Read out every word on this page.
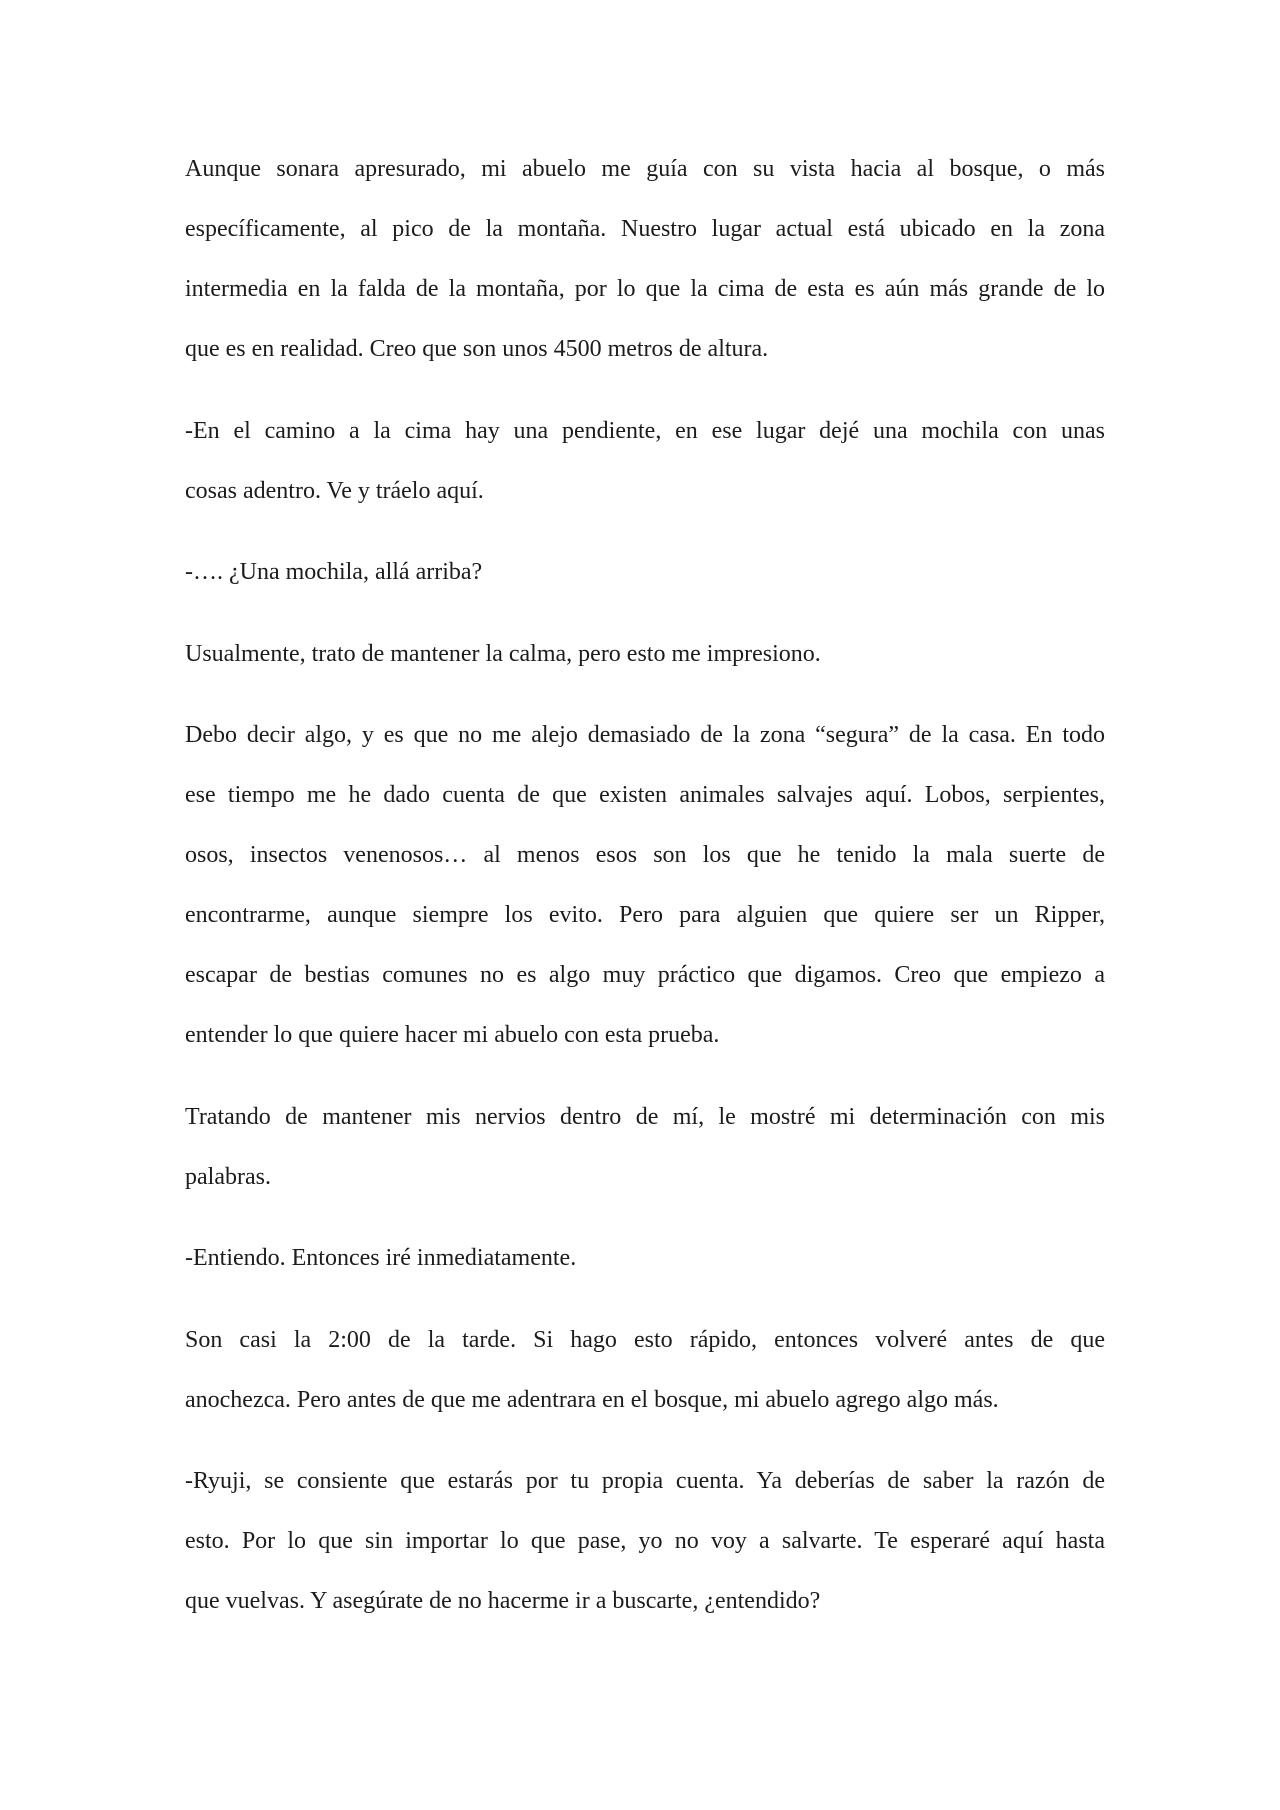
Aunque sonara apresurado, mi abuelo me guía con su vista hacia al bosque, o más
específicamente, al pico de la montaña. Nuestro lugar actual está ubicado en la zona
intermedia en la falda de la montaña, por lo que la cima de esta es aún más grande de lo
que es en realidad. Creo que son unos 4500 metros de altura.

-En el camino a la cima hay una pendiente, en ese lugar dejé una mochila con unas
cosas adentro. Ve y tráelo aquí.

-…. ¿Una mochila, allá arriba?

Usualmente, trato de mantener la calma, pero esto me impresiono.

Debo decir algo, y es que no me alejo demasiado de la zona “segura” de la casa. En todo
ese tiempo me he dado cuenta de que existen animales salvajes aquí. Lobos, serpientes,
osos, insectos venenosos… al menos esos son los que he tenido la mala suerte de
encontrarme, aunque siempre los evito. Pero para alguien que quiere ser un Ripper,
escapar de bestias comunes no es algo muy práctico que digamos. Creo que empiezo a
entender lo que quiere hacer mi abuelo con esta prueba.

Tratando de mantener mis nervios dentro de mí, le mostré mi determinación con mis
palabras.

-Entiendo. Entonces iré inmediatamente.

Son casi la 2:00 de la tarde. Si hago esto rápido, entonces volveré antes de que
anochezca. Pero antes de que me adentrara en el bosque, mi abuelo agrego algo más.

-Ryuji, se consiente que estarás por tu propia cuenta. Ya deberías de saber la razón de
esto. Por lo que sin importar lo que pase, yo no voy a salvarte. Te esperaré aquí hasta
que vuelvas. Y asegúrate de no hacerme ir a buscarte, ¿entendido?
